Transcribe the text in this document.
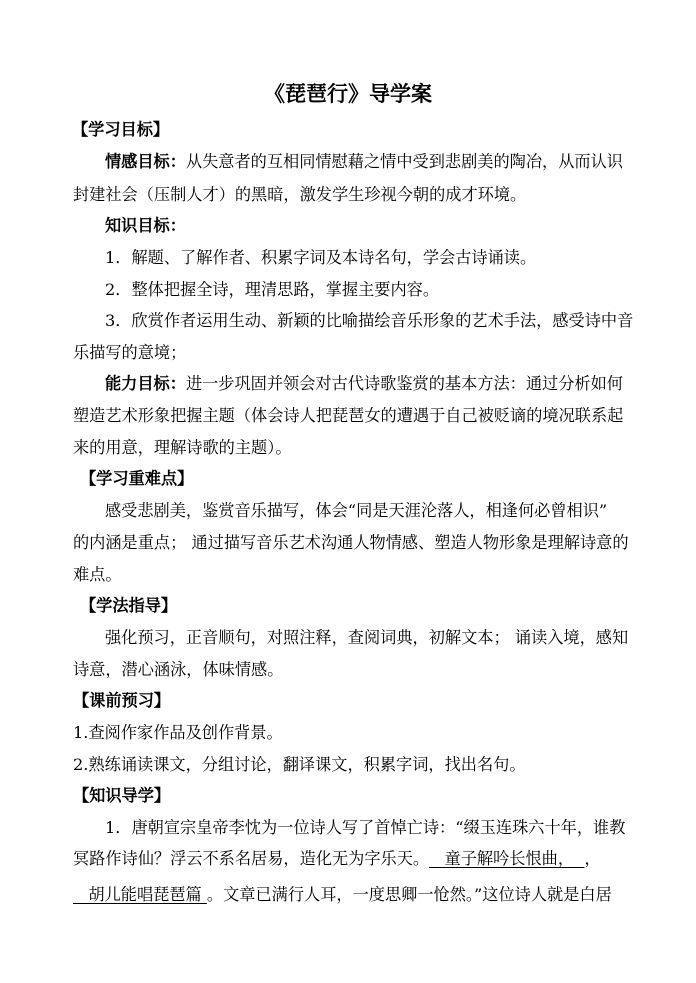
《琵琶行》导学案
【学习目标】
情感目标：从失意者的互相同情慰藉之情中受到悲剧美的陶冶，从而认识
封建社会（压制人才）的黑暗，激发学生珍视今朝的成才环境。
知识目标：
1．解题、了解作者、积累字词及本诗名句，学会古诗诵读。
2．整体把握全诗，理清思路，掌握主要内容。
3．欣赏作者运用生动、新颖的比喻描绘音乐形象的艺术手法，感受诗中音
乐描写的意境；
能力目标：进一步巩固并领会对古代诗歌鉴赏的基本方法：通过分析如何
塑造艺术形象把握主题（体会诗人把琵琶女的遭遇于自己被贬谪的境况联系起
来的用意，理解诗歌的主题）。
【学习重难点】
感受悲剧美，鉴赏音乐描写，体会“同是天涯沦落人，相逢何必曾相识”
的内涵是重点； 通过描写音乐艺术沟通人物情感、塑造人物形象是理解诗意的
难点。
【学法指导】
强化预习，正音顺句，对照注释，查阅词典，初解文本； 诵读入境，感知
诗意，潜心涵泳，体味情感。
【课前预习】
1.查阅作家作品及创作背景。
2.熟练诵读课文，分组讨论，翻译课文，积累字词，找出名句。
【知识导学】
1．唐朝宣宗皇帝李忱为一位诗人写了首悼亡诗：“缀玉连珠六十年，谁教
冥路作诗仙？浮云不系名居易，造化无为字乐天。   童子解吟长恨曲，  ，
胡儿能唱琵琶篇 。文章已满行人耳，一度思卿一怆然。”这位诗人就是白居
